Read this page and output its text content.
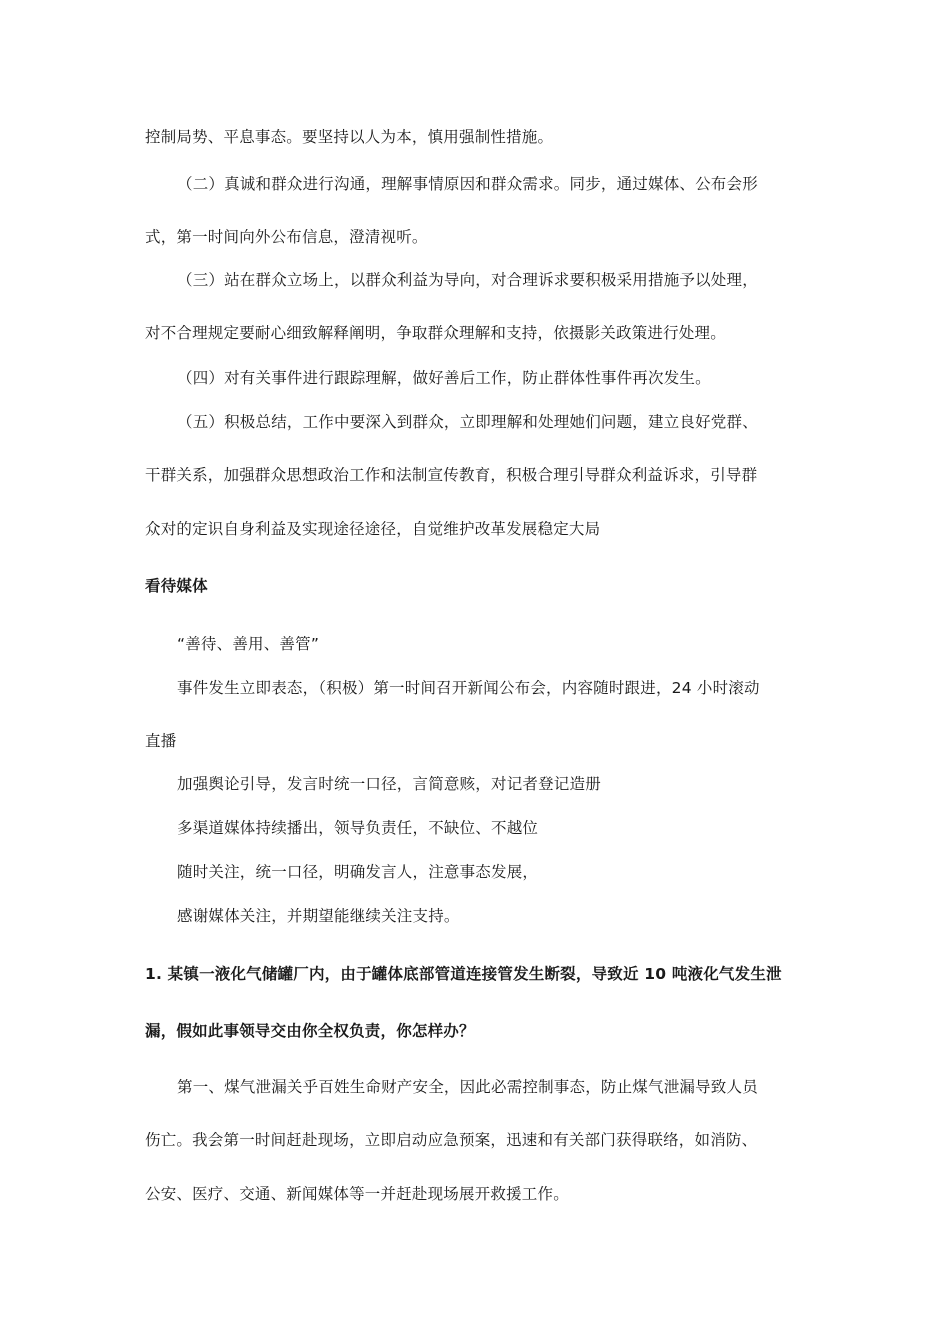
控制局势、平息事态。要坚持以人为本，慎用强制性措施。
（二）真诚和群众进行沟通，理解事情原因和群众需求。同步，通过媒体、公布会形
式，第一时间向外公布信息，澄清视听。
（三）站在群众立场上，以群众利益为导向，对合理诉求要积极采用措施予以处理，
对不合理规定要耐心细致解释阐明，争取群众理解和支持，依摄影关政策进行处理。
（四）对有关事件进行跟踪理解，做好善后工作，防止群体性事件再次发生。
（五）积极总结，工作中要深入到群众，立即理解和处理她们问题，建立良好党群、
干群关系，加强群众思想政治工作和法制宣传教育，积极合理引导群众利益诉求，引导群
众对的定识自身利益及实现途径途径，自觉维护改革发展稳定大局
看待媒体
“善待、善用、善管”
事件发生立即表态，（积极）第一时间召开新闻公布会，内容随时跟进，24 小时滚动
直播
加强舆论引导，发言时统一口径，言简意赅，对记者登记造册
多渠道媒体持续播出，领导负责任，不缺位、不越位
随时关注，统一口径，明确发言人，注意事态发展，
感谢媒体关注，并期望能继续关注支持。
1. 某镇一液化气储罐厂内，由于罐体底部管道连接管发生断裂，导致近 10 吨液化气发生泄
漏，假如此事领导交由你全权负责，你怎样办？
第一、煤气泄漏关乎百姓生命财产安全，因此必需控制事态，防止煤气泄漏导致人员
伤亡。我会第一时间赶赴现场，立即启动应急预案，迅速和有关部门获得联络，如消防、
公安、医疗、交通、新闻媒体等一并赶赴现场展开救援工作。
